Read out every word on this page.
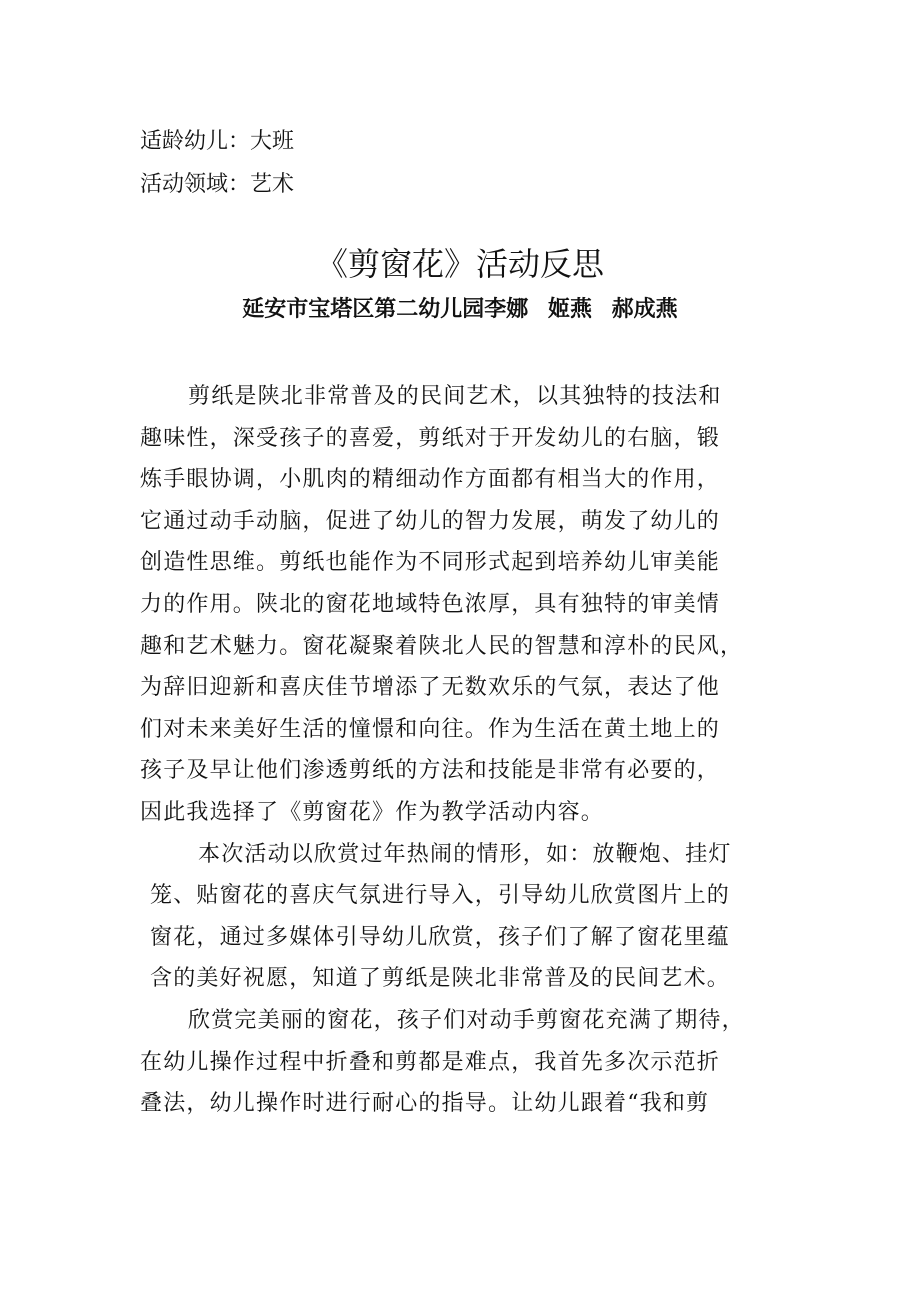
适龄幼儿：大班
活动领域：艺术
《剪窗花》活动反思
延安市宝塔区第二幼儿园李娜 姬燕 郝成燕
剪纸是陕北非常普及的民间艺术，以其独特的技法和
趣味性，深受孩子的喜爱，剪纸对于开发幼儿的右脑，锻
炼手眼协调，小肌肉的精细动作方面都有相当大的作用，
它通过动手动脑，促进了幼儿的智力发展，萌发了幼儿的
创造性思维。剪纸也能作为不同形式起到培养幼儿审美能
力的作用。陕北的窗花地域特色浓厚，具有独特的审美情
趣和艺术魅力。窗花凝聚着陕北人民的智慧和淳朴的民风，
为辞旧迎新和喜庆佳节增添了无数欢乐的气氛，表达了他
们对未来美好生活的憧憬和向往。作为生活在黄土地上的
孩子及早让他们渗透剪纸的方法和技能是非常有必要的，
因此我选择了《剪窗花》作为教学活动内容。
本次活动以欣赏过年热闹的情形，如：放鞭炮、挂灯
笼、贴窗花的喜庆气氛进行导入，引导幼儿欣赏图片上的
窗花，通过多媒体引导幼儿欣赏，孩子们了解了窗花里蕴
含的美好祝愿，知道了剪纸是陕北非常普及的民间艺术。
欣赏完美丽的窗花，孩子们对动手剪窗花充满了期待，
在幼儿操作过程中折叠和剪都是难点，我首先多次示范折
叠法，幼儿操作时进行耐心的指导。让幼儿跟着“我和剪
